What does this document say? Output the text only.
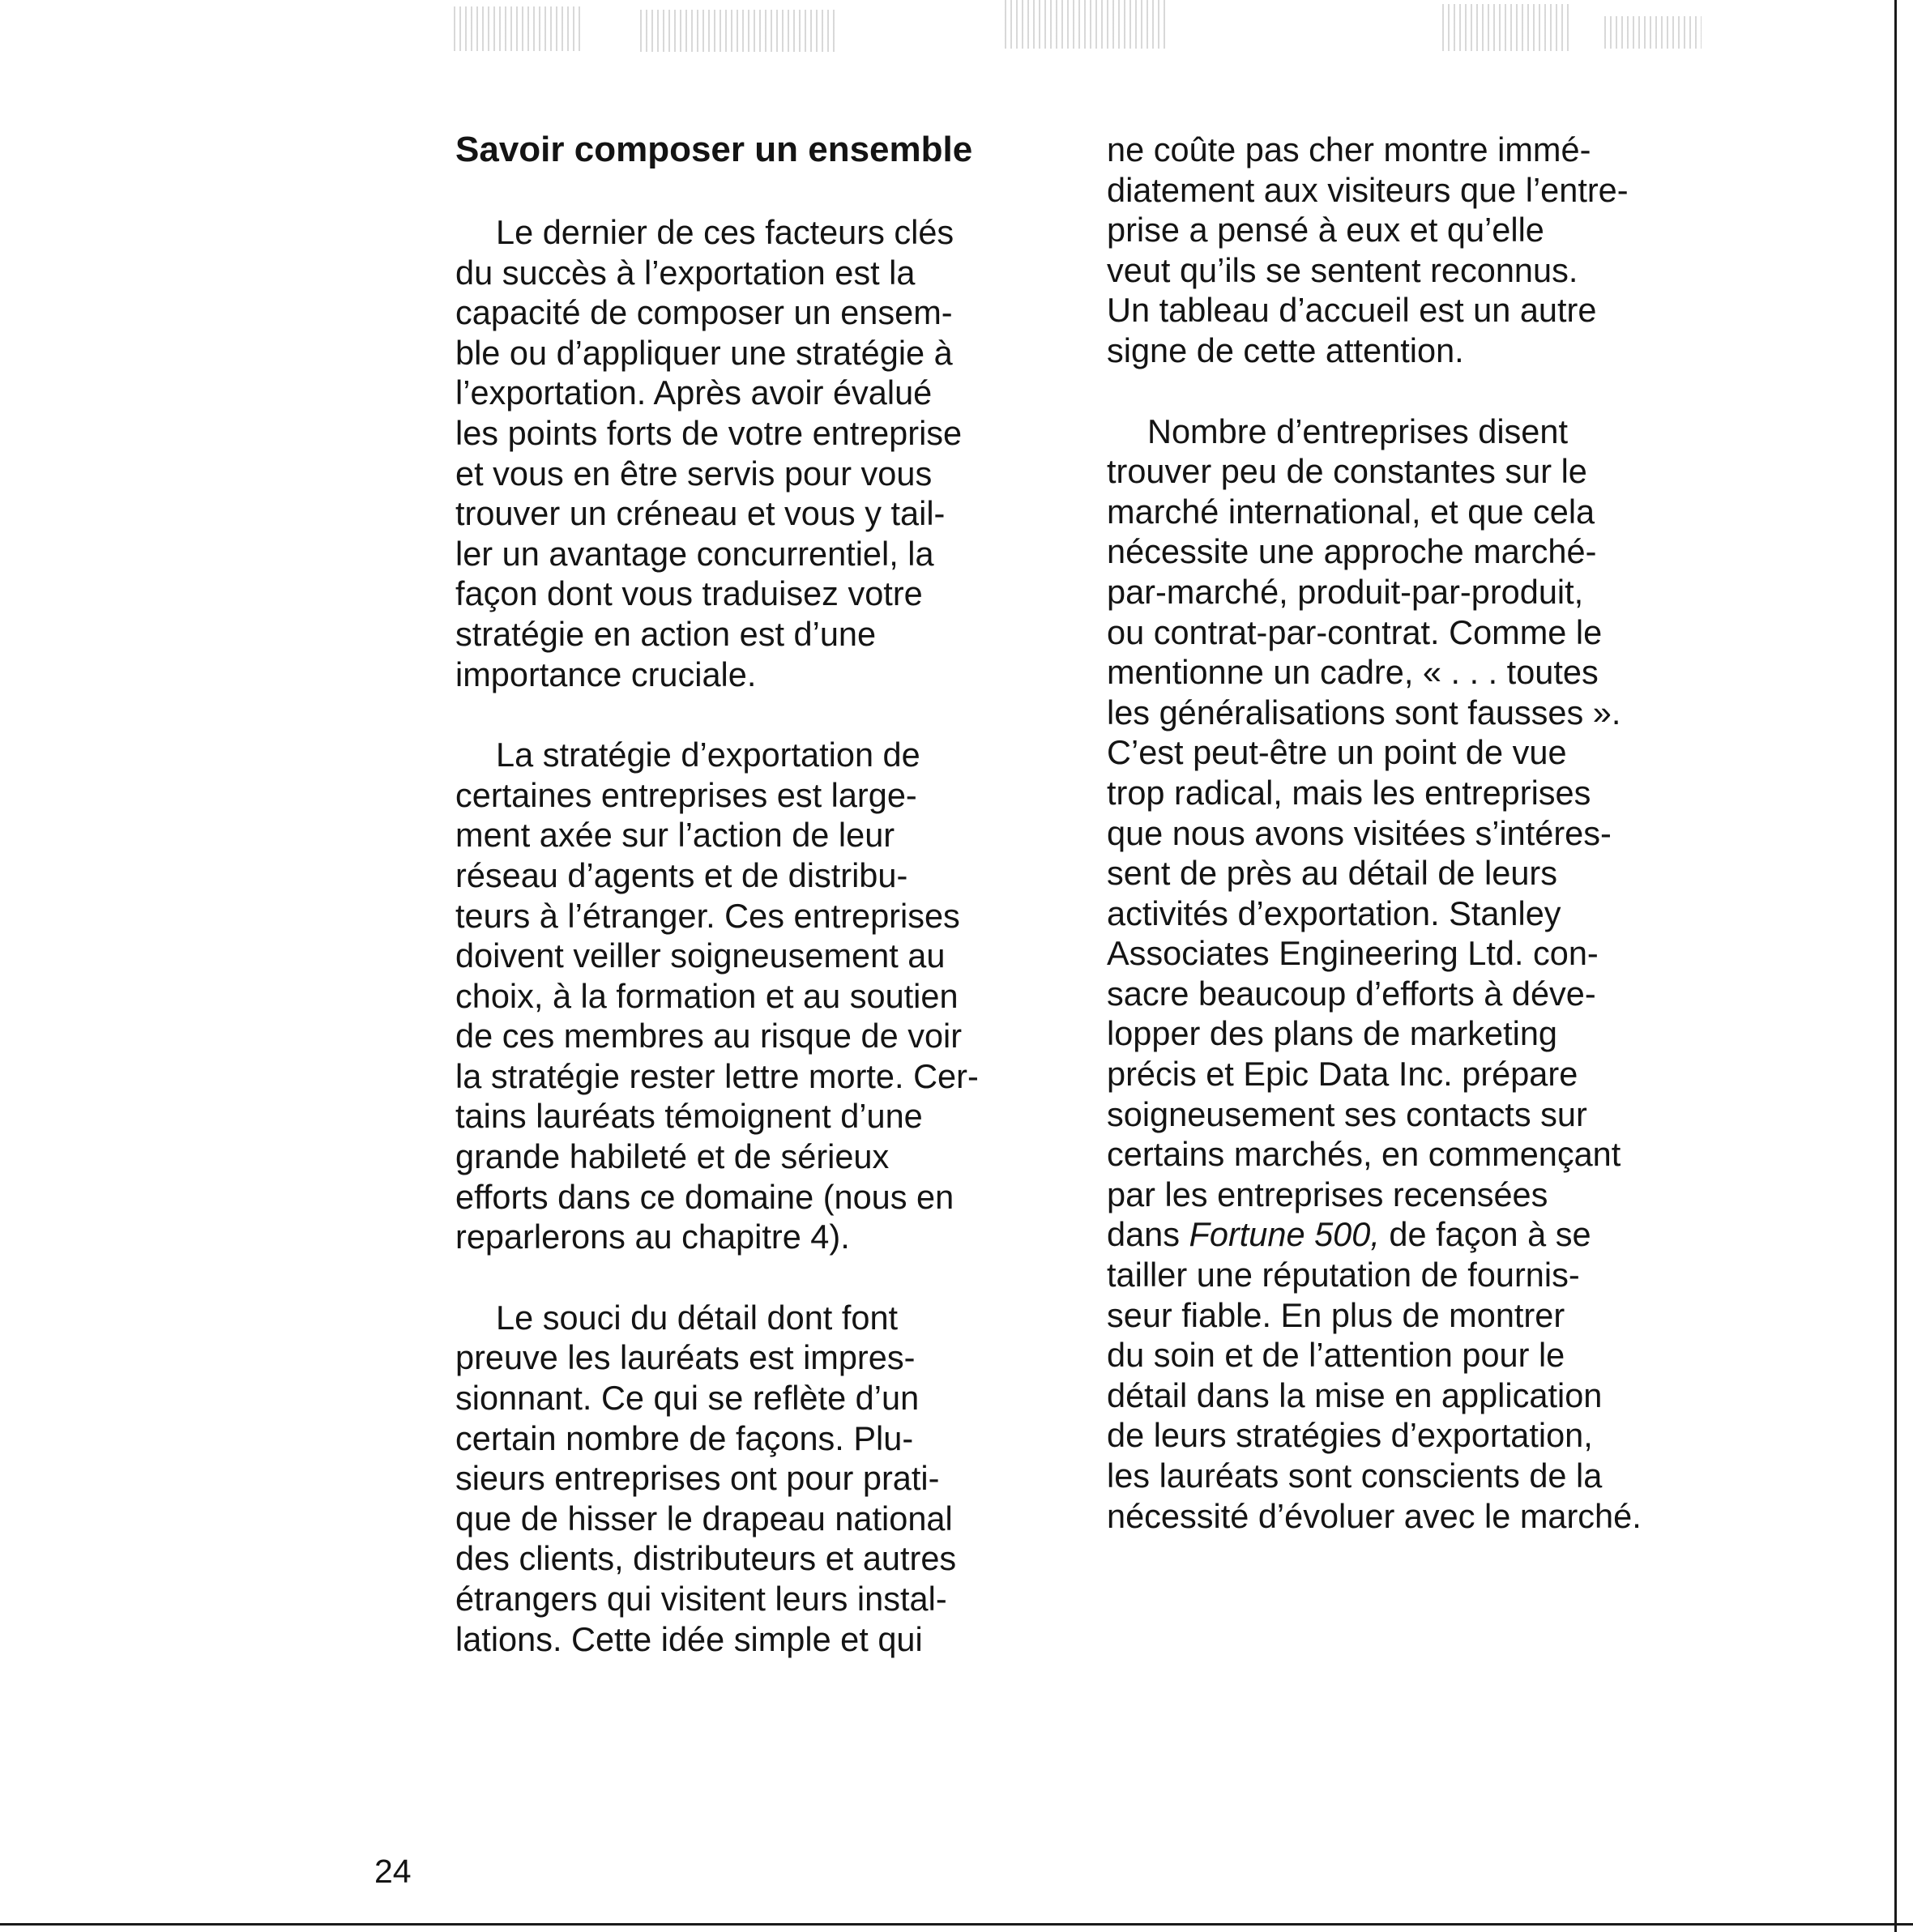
Savoir composer un ensemble

Le dernier de ces facteurs clés
du succès à l’exportation est la
capacité de composer un ensem-
ble ou d’appliquer une stratégie à
l’exportation. Après avoir évalué
les points forts de votre entreprise
et vous en être servis pour vous
trouver un créneau et vous y tail-
ler un avantage concurrentiel, la
façon dont vous traduisez votre
stratégie en action est d’une
importance cruciale.

La stratégie d’exportation de
certaines entreprises est large-
ment axée sur l’action de leur
réseau d’agents et de distribu-
teurs à l’étranger. Ces entreprises
doivent veiller soigneusement au
choix, à la formation et au soutien
de ces membres au risque de voir
la stratégie rester lettre morte. Cer-
tains lauréats témoignent d’une
grande habileté et de sérieux
efforts dans ce domaine (nous en
reparlerons au chapitre 4).

Le souci du détail dont font
preuve les lauréats est impres-
sionnant. Ce qui se reflète d’un
certain nombre de façons. Plu-
sieurs entreprises ont pour prati-
que de hisser le drapeau national
des clients, distributeurs et autres
étrangers qui visitent leurs instal-
lations. Cette idée simple et qui

ne coûte pas cher montre immé-
diatement aux visiteurs que l’entre-
prise a pensé à eux et qu’elle
veut qu’ils se sentent reconnus.
Un tableau d’accueil est un autre
signe de cette attention.

Nombre d’entreprises disent
trouver peu de constantes sur le
marché international, et que cela
nécessite une approche marché-
par-marché, produit-par-produit,
ou contrat-par-contrat. Comme le
mentionne un cadre, « . . . toutes
les généralisations sont fausses ».
C’est peut-être un point de vue
trop radical, mais les entreprises
que nous avons visitées s’intéres-
sent de près au détail de leurs
activités d’exportation. Stanley
Associates Engineering Ltd. con-
sacre beaucoup d’efforts à déve-
lopper des plans de marketing
précis et Epic Data Inc. prépare
soigneusement ses contacts sur
certains marchés, en commençant
par les entreprises recensées
dans Fortune 500, de façon à se
tailler une réputation de fournis-
seur fiable. En plus de montrer
du soin et de l’attention pour le
détail dans la mise en application
de leurs stratégies d’exportation,
les lauréats sont conscients de la
nécessité d’évoluer avec le marché.

24
